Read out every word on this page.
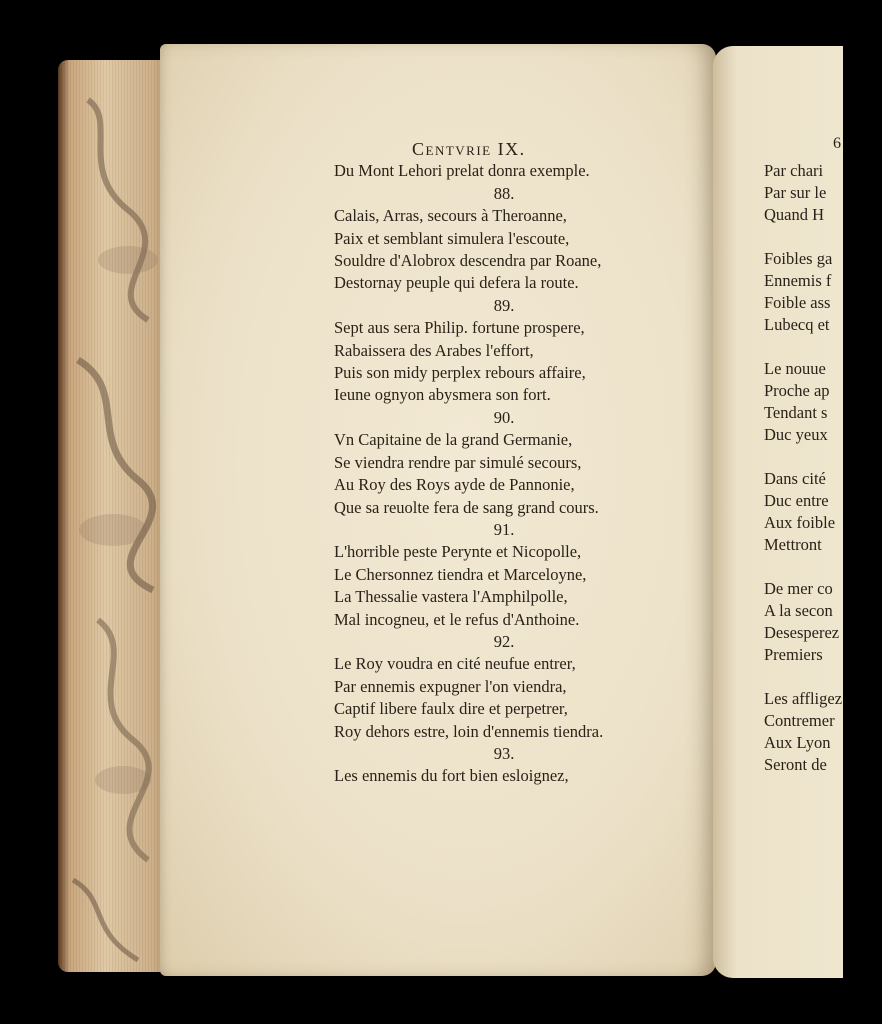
Centvrie IX.
Du Mont Lehori prelat donra exemple.
88.
Calais, Arras, secours à Theroanne,
Paix et semblant simulera l'escoute,
Souldre d'Alobrox descendra par Roane,
Destornay peuple qui defera la route.
89.
Sept aus sera Philip. fortune prospere,
Rabaissera des Arabes l'effort,
Puis son midy perplex rebours affaire,
Ieune ognyon abysmera son fort.
90.
Vn Capitaine de la grand Germanie,
Se viendra rendre par simulé secours,
Au Roy des Roys ayde de Pannonie,
Que sa reuolte fera de sang grand cours.
91.
L'horrible peste Perynte et Nicopolle,
Le Chersonnez tiendra et Marceloyne,
La Thessalie vastera l'Amphilpolle,
Mal incogneu, et le refus d'Anthoine.
92.
Le Roy voudra en cité neufue entrer,
Par ennemis expugner l'on viendra,
Captif libere faulx dire et perpetrer,
Roy dehors estre, loin d'ennemis tiendra.
93.
Les ennemis du fort bien esloignez,
6
Par chari
Par sur le
Quand H
Foibles ga
Ennemis f
Foible ass
Lubecq et
Le nouue
Proche ap
Tendant s
Duc yeux
Dans cité
Duc entre
Aux foible
Mettront
De mer co
A la secon
Desesperez
Premiers
Les affligez
Contremer
Aux Lyon
Seront de
